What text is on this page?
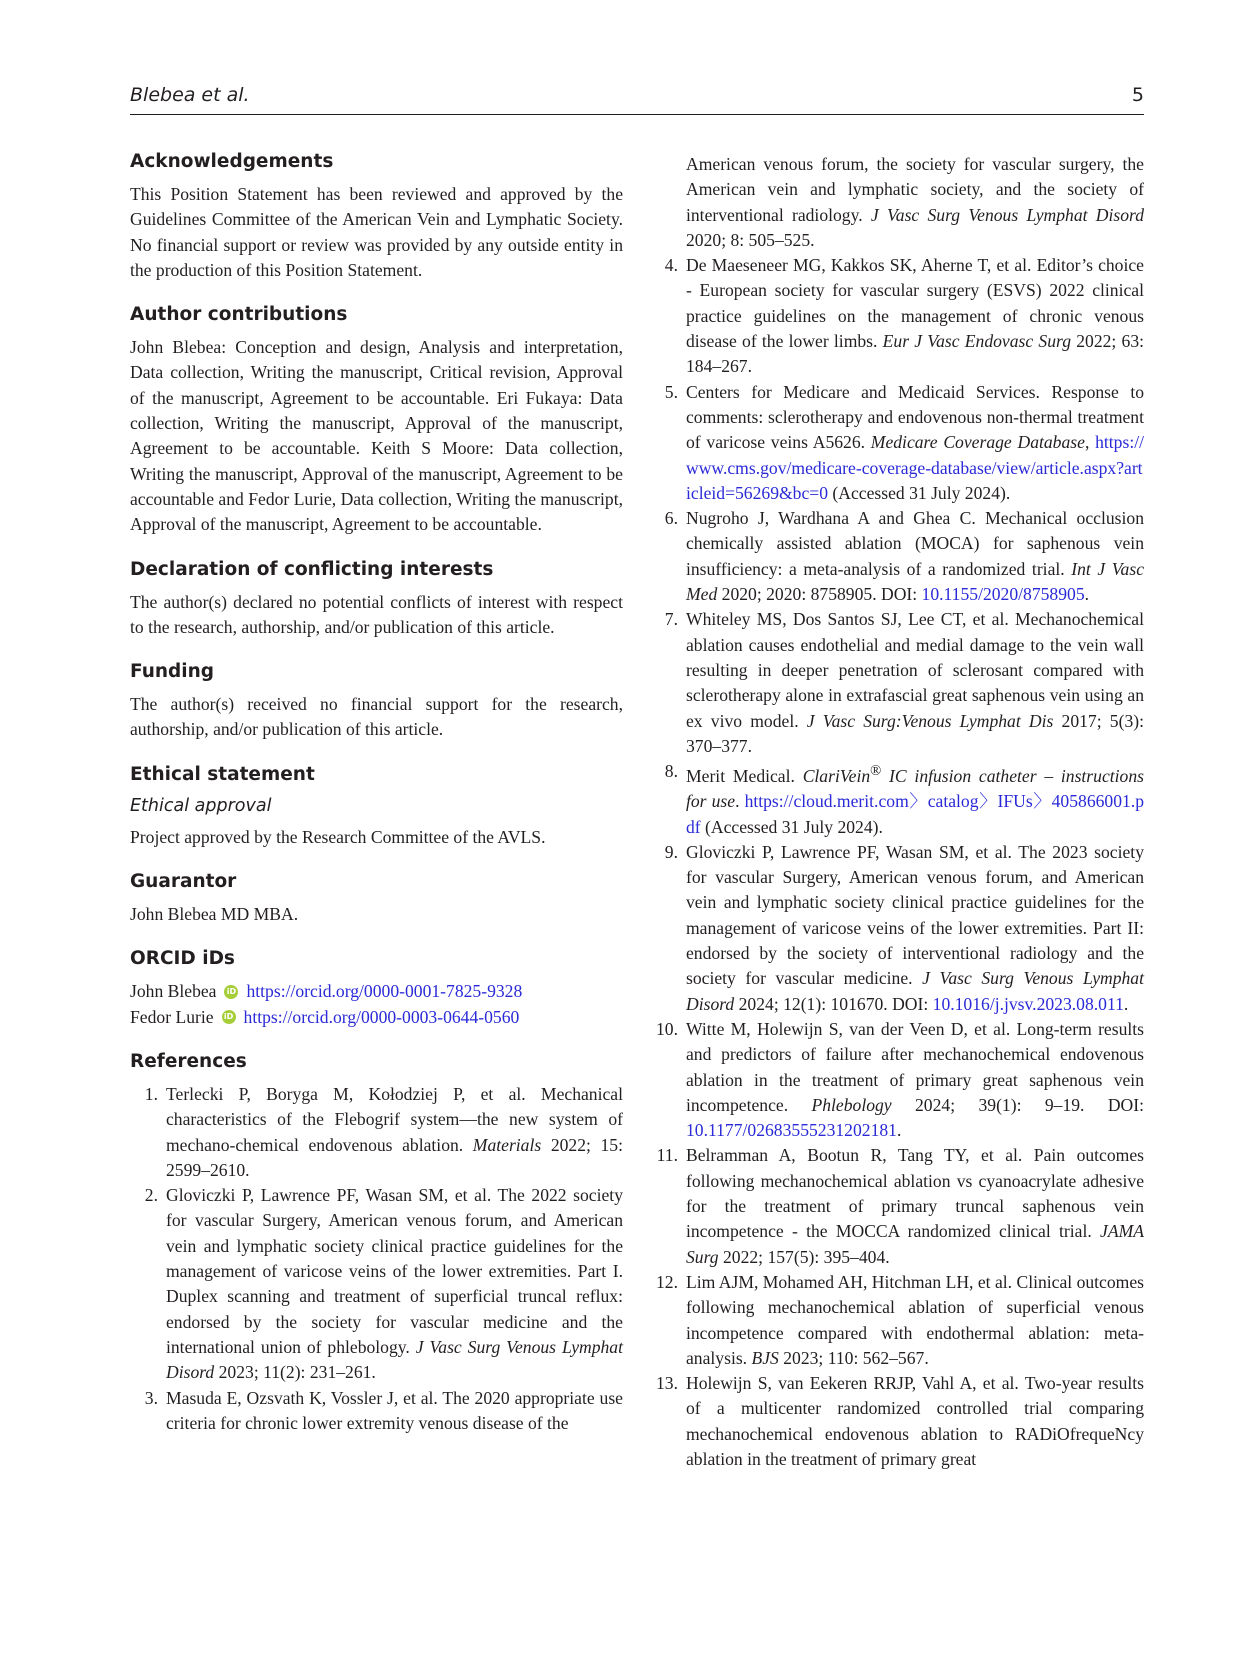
Blebea et al.	5
Acknowledgements

This Position Statement has been reviewed and approved by the Guidelines Committee of the American Vein and Lymphatic Society. No financial support or review was provided by any outside entity in the production of this Position Statement.

Author contributions

John Blebea: Conception and design, Analysis and interpretation, Data collection, Writing the manuscript, Critical revision, Approval of the manuscript, Agreement to be accountable. Eri Fukaya: Data collection, Writing the manuscript, Approval of the manuscript, Agreement to be accountable. Keith S Moore: Data collection, Writing the manuscript, Approval of the manuscript, Agreement to be accountable and Fedor Lurie, Data collection, Writing the manuscript, Approval of the manuscript, Agreement to be accountable.

Declaration of conflicting interests

The author(s) declared no potential conflicts of interest with respect to the research, authorship, and/or publication of this article.

Funding

The author(s) received no financial support for the research, authorship, and/or publication of this article.

Ethical statement
Ethical approval

Project approved by the Research Committee of the AVLS.

Guarantor

John Blebea MD MBA.

ORCID iDs
John Blebea iD https://orcid.org/0000-0001-7825-9328
Fedor Lurie iD https://orcid.org/0000-0003-0644-0560
References
1. Terlecki P, Boryga M, Kołodziej P, et al. Mechanical characteristics of the Flebogrif system—the new system of mechano-chemical endovenous ablation. Materials 2022; 15: 2599–2610.
2. Gloviczki P, Lawrence PF, Wasan SM, et al. The 2022 society for vascular Surgery, American venous forum, and American vein and lymphatic society clinical practice guidelines for the management of varicose veins of the lower extremities. Part I. Duplex scanning and treatment of superficial truncal reflux: endorsed by the society for vascular medicine and the international union of phlebology. J Vasc Surg Venous Lymphat Disord 2023; 11(2): 231–261.
3. Masuda E, Ozsvath K, Vossler J, et al. The 2020 appropriate use criteria for chronic lower extremity venous disease of the
American venous forum, the society for vascular surgery, the American vein and lymphatic society, and the society of interventional radiology. J Vasc Surg Venous Lymphat Disord 2020; 8: 505–525.
4. De Maeseneer MG, Kakkos SK, Aherne T, et al. Editor’s choice - European society for vascular surgery (ESVS) 2022 clinical practice guidelines on the management of chronic venous disease of the lower limbs. Eur J Vasc Endovasc Surg 2022; 63: 184–267.
5. Centers for Medicare and Medicaid Services. Response to comments: sclerotherapy and endovenous non-thermal treatment of varicose veins A5626. Medicare Coverage Database, https://www.cms.gov/medicare-coverage-database/view/article.aspx?articleid=56269&bc=0 (Accessed 31 July 2024).
6. Nugroho J, Wardhana A and Ghea C. Mechanical occlusion chemically assisted ablation (MOCA) for saphenous vein insufficiency: a meta-analysis of a randomized trial. Int J Vasc Med 2020; 2020: 8758905. DOI: 10.1155/2020/8758905.
7. Whiteley MS, Dos Santos SJ, Lee CT, et al. Mechanochemical ablation causes endothelial and medial damage to the vein wall resulting in deeper penetration of sclerosant compared with sclerotherapy alone in extrafascial great saphenous vein using an ex vivo model. J Vasc Surg:Venous Lymphat Dis 2017; 5(3): 370–377.
8. Merit Medical. ClariVein® IC infusion catheter – instructions for use. https://cloud.merit.com〉catalog〉IFUs〉405866001.pdf (Accessed 31 July 2024).
9. Gloviczki P, Lawrence PF, Wasan SM, et al. The 2023 society for vascular Surgery, American venous forum, and American vein and lymphatic society clinical practice guidelines for the management of varicose veins of the lower extremities. Part II: endorsed by the society of interventional radiology and the society for vascular medicine. J Vasc Surg Venous Lymphat Disord 2024; 12(1): 101670. DOI: 10.1016/j.jvsv.2023.08.011.
10. Witte M, Holewijn S, van der Veen D, et al. Long-term results and predictors of failure after mechanochemical endovenous ablation in the treatment of primary great saphenous vein incompetence. Phlebology 2024; 39(1): 9–19. DOI: 10.1177/02683555231202181.
11. Belramman A, Bootun R, Tang TY, et al. Pain outcomes following mechanochemical ablation vs cyanoacrylate adhesive for the treatment of primary truncal saphenous vein incompetence - the MOCCA randomized clinical trial. JAMA Surg 2022; 157(5): 395–404.
12. Lim AJM, Mohamed AH, Hitchman LH, et al. Clinical outcomes following mechanochemical ablation of superficial venous incompetence compared with endothermal ablation: meta-analysis. BJS 2023; 110: 562–567.
13. Holewijn S, van Eekeren RRJP, Vahl A, et al. Two-year results of a multicenter randomized controlled trial comparing mechanochemical endovenous ablation to RADiOfrequeNcy ablation in the treatment of primary great
